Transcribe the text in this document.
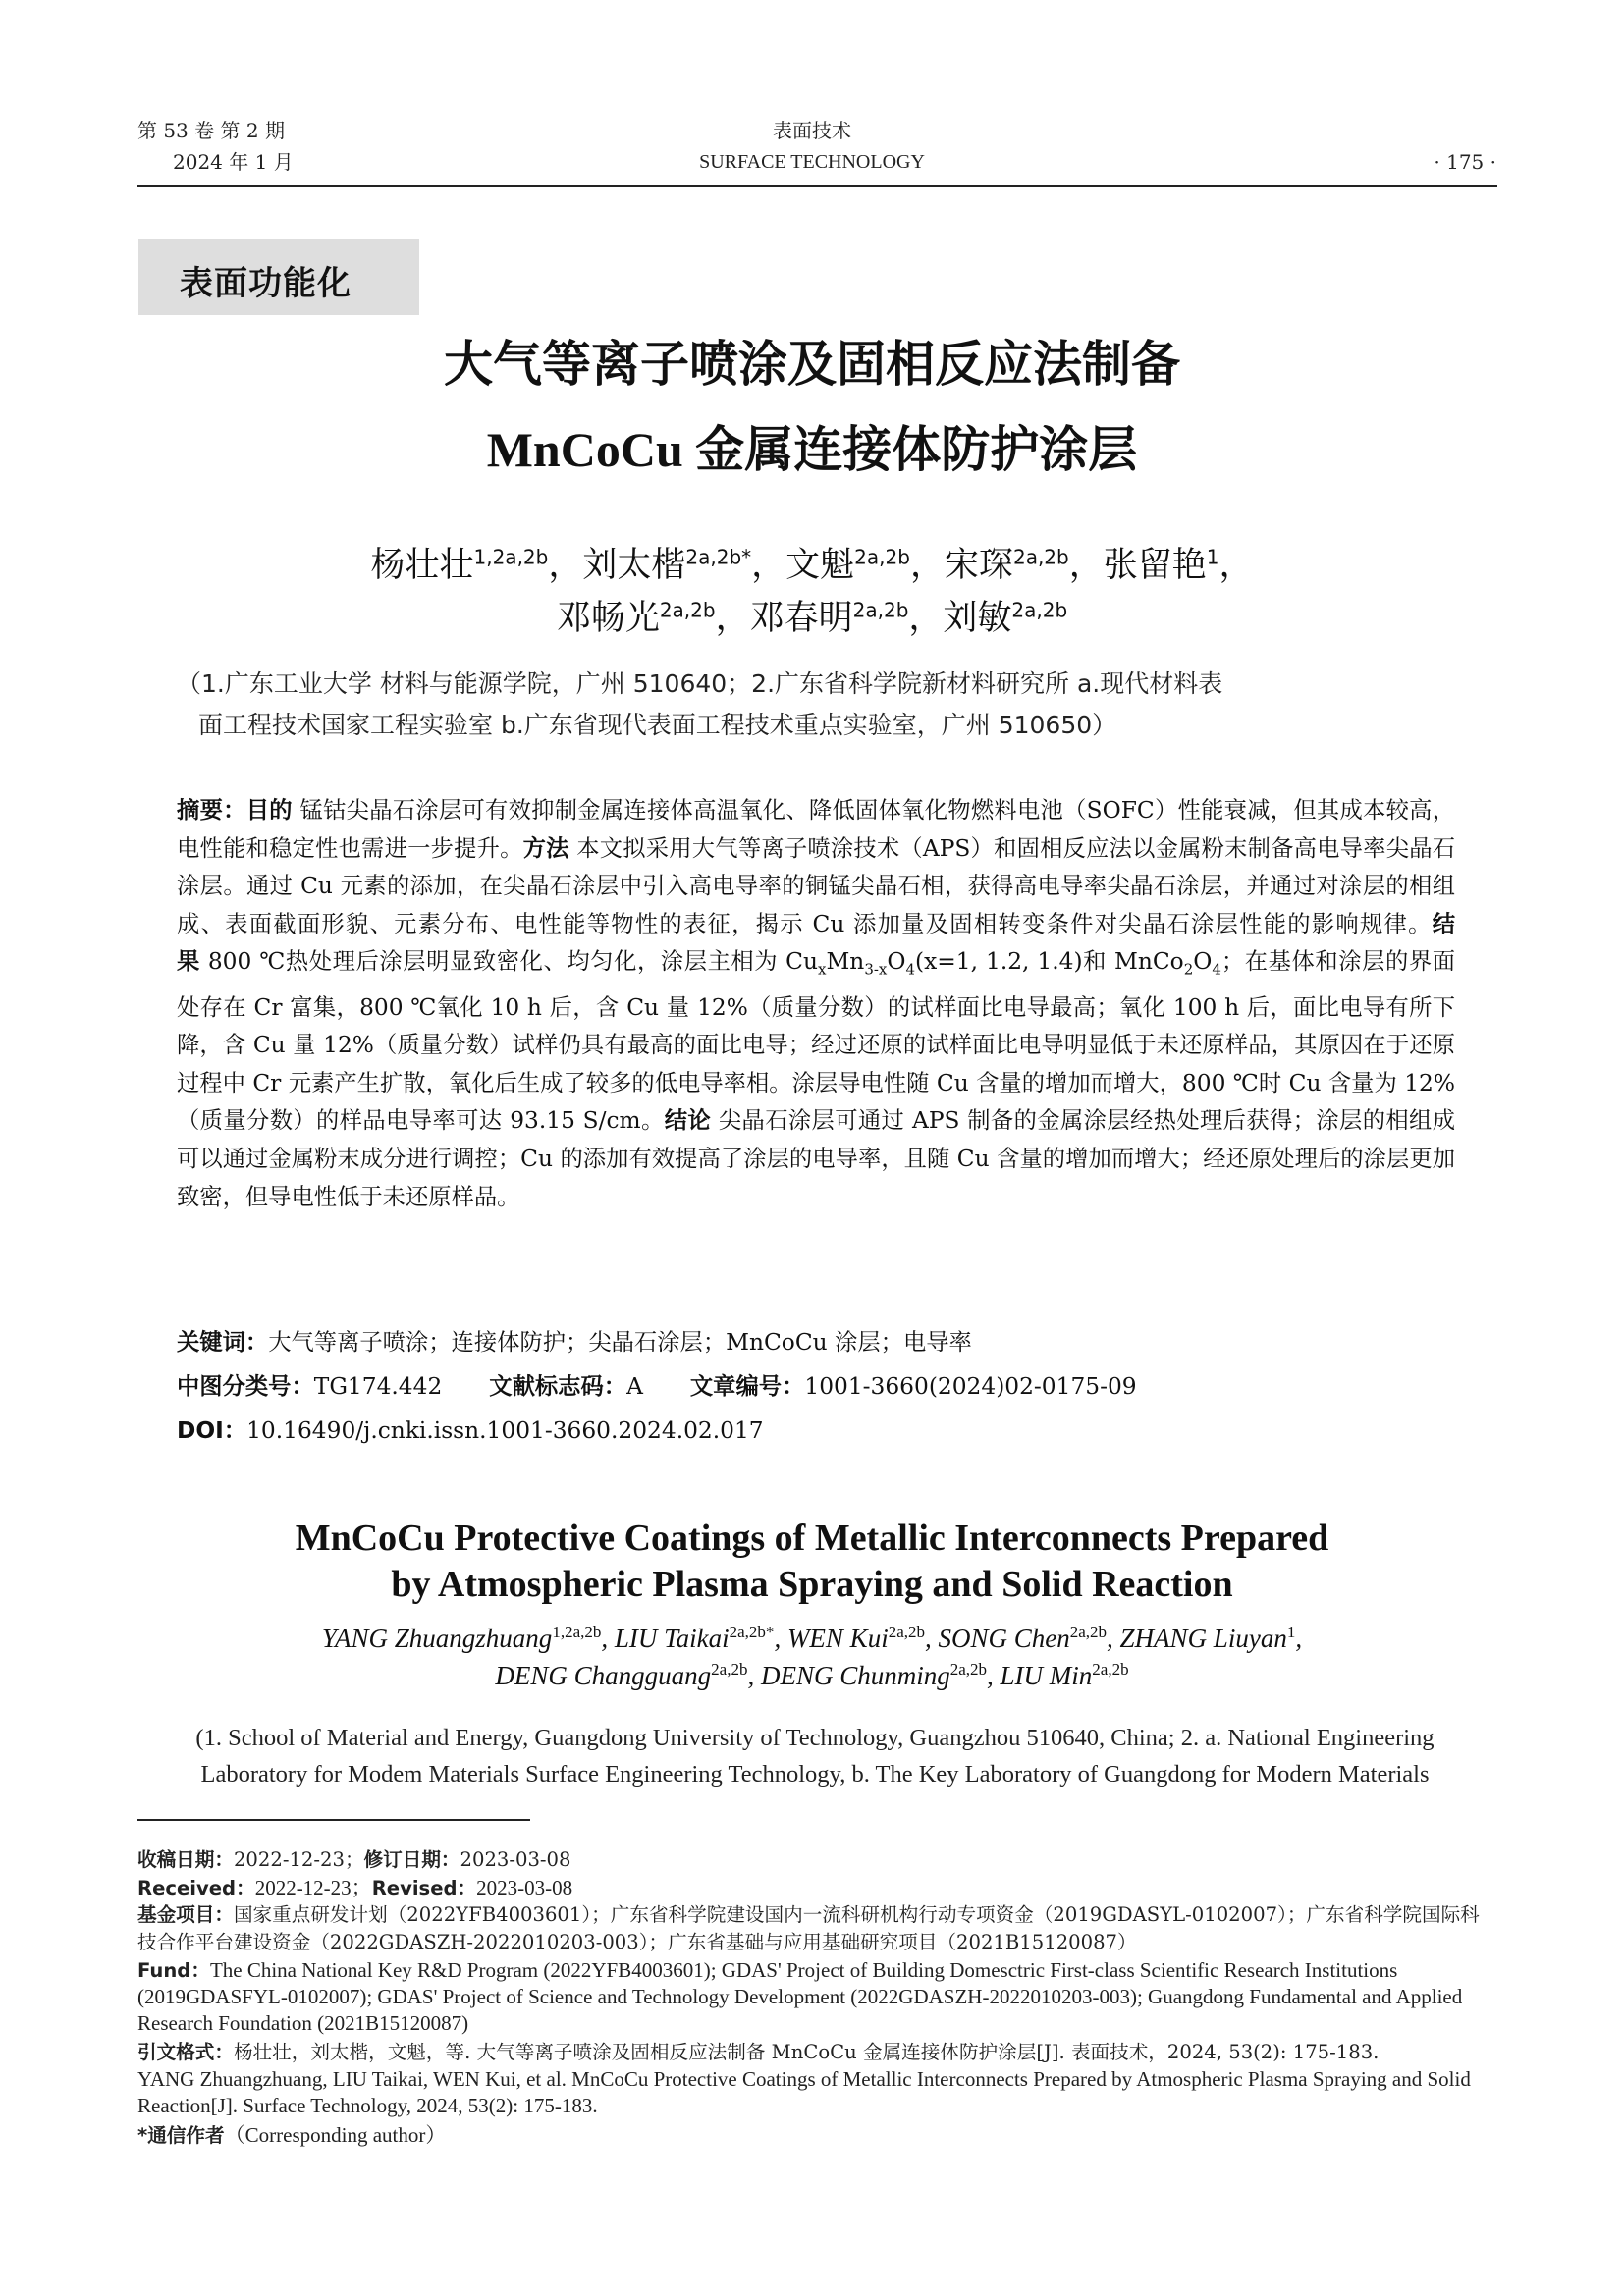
第 53 卷 第 2 期
2024 年 1 月
表面技术
SURFACE TECHNOLOGY	· 175 ·
表面功能化
大气等离子喷涂及固相反应法制备
MnCoCu 金属连接体防护涂层
杨壮壮$^{1,2a,2b}$，刘太楷$^{2a,2b*}$，文魁$^{2a,2b}$，宋琛$^{2a,2b}$，张留艳$^1$，
邓畅光$^{2a,2b}$，邓春明$^{2a,2b}$，刘敏$^{2a,2b}$
（1.广东工业大学 材料与能源学院，广州 510640；2.广东省科学院新材料研究所 a.现代材料表
面工程技术国家工程实验室 b.广东省现代表面工程技术重点实验室，广州 510650）
摘要：目的 锰钴尖晶石涂层可有效抑制金属连接体高温氧化、降低固体氧化物燃料电池（SOFC）性能衰减，但其成本较高，电性能和稳定性也需进一步提升。方法 本文拟采用大气等离子喷涂技术（APS）和固相反应法以金属粉末制备高电导率尖晶石涂层。通过 Cu 元素的添加，在尖晶石涂层中引入高电导率的铜锰尖晶石相，获得高电导率尖晶石涂层，并通过对涂层的相组成、表面截面形貌、元素分布、电性能等物性的表征，揭示 Cu 添加量及固相转变条件对尖晶石涂层性能的影响规律。结果 800 ℃热处理后涂层明显致密化、均匀化，涂层主相为 $Cu_xMn_{3-x}O_4(x=1$, 1.2, 1.4)和 $MnCo_2O_4$；在基体和涂层的界面处存在 Cr 富集，800 ℃氧化 10 h 后，含 Cu 量 12%（质量分数）的试样面比电导最高；氧化 100 h 后，面比电导有所下降，含 Cu 量 12%（质量分数）试样仍具有最高的面比电导；经过还原的试样面比电导明显低于未还原样品，其原因在于还原过程中 Cr 元素产生扩散，氧化后生成了较多的低电导率相。涂层导电性随 Cu 含量的增加而增大，800 ℃时 Cu 含量为 12%（质量分数）的样品电导率可达 93.15 S/cm。结论 尖晶石涂层可通过 APS 制备的金属涂层经热处理后获得；涂层的相组成可以通过金属粉末成分进行调控；Cu 的添加有效提高了涂层的电导率，且随 Cu 含量的增加而增大；经还原处理后的涂层更加致密，但导电性低于未还原样品。
关键词：大气等离子喷涂；连接体防护；尖晶石涂层；MnCoCu 涂层；电导率
中图分类号：TG174.442 文献标志码：A 文章编号：1001-3660(2024)02-0175-09
DOI：10.16490/j.cnki.issn.1001-3660.2024.02.017
MnCoCu Protective Coatings of Metallic Interconnects Prepared
by Atmospheric Plasma Spraying and Solid Reaction
YANG Zhuangzhuang$^{1,2a,2b}$, LIU Taikai$^{2a,2b*}$, WEN Kui$^{2a,2b}$, SONG Chen$^{2a,2b}$, ZHANG Liuyan$^1$,
DENG Changguang$^{2a,2b}$, DENG Chunming$^{2a,2b}$, LIU Min$^{2a,2b}$
(1. School of Material and Energy, Guangdong University of Technology, Guangzhou 510640, China; 2. a. National Engineering
Laboratory for Modem Materials Surface Engineering Technology, b. The Key Laboratory of Guangdong for Modern Materials
收稿日期：2022-12-23；修订日期：2023-03-08
Received：2022-12-23；Revised：2023-03-08
基金项目：国家重点研发计划（2022YFB4003601）；广东省科学院建设国内一流科研机构行动专项资金（2019GDASYL-0102007）；广东省科学院国际科技合作平台建设资金（2022GDASZH-2022010203-003）；广东省基础与应用基础研究项目（2021B15120087）
Fund：The China National Key R&D Program (2022YFB4003601); GDAS' Project of Building Domesctric First-class Scientific Research Institutions (2019GDASFYL-0102007); GDAS' Project of Science and Technology Development (2022GDASZH-2022010203-003); Guangdong Fundamental and Applied Research Foundation (2021B15120087)
引文格式：杨壮壮，刘太楷，文魁，等. 大气等离子喷涂及固相反应法制备 MnCoCu 金属连接体防护涂层[J]. 表面技术，2024, 53(2): 175-183.
YANG Zhuangzhuang, LIU Taikai, WEN Kui, et al. MnCoCu Protective Coatings of Metallic Interconnects Prepared by Atmospheric Plasma Spraying and Solid Reaction[J]. Surface Technology, 2024, 53(2): 175-183.
*通信作者（Corresponding author）
